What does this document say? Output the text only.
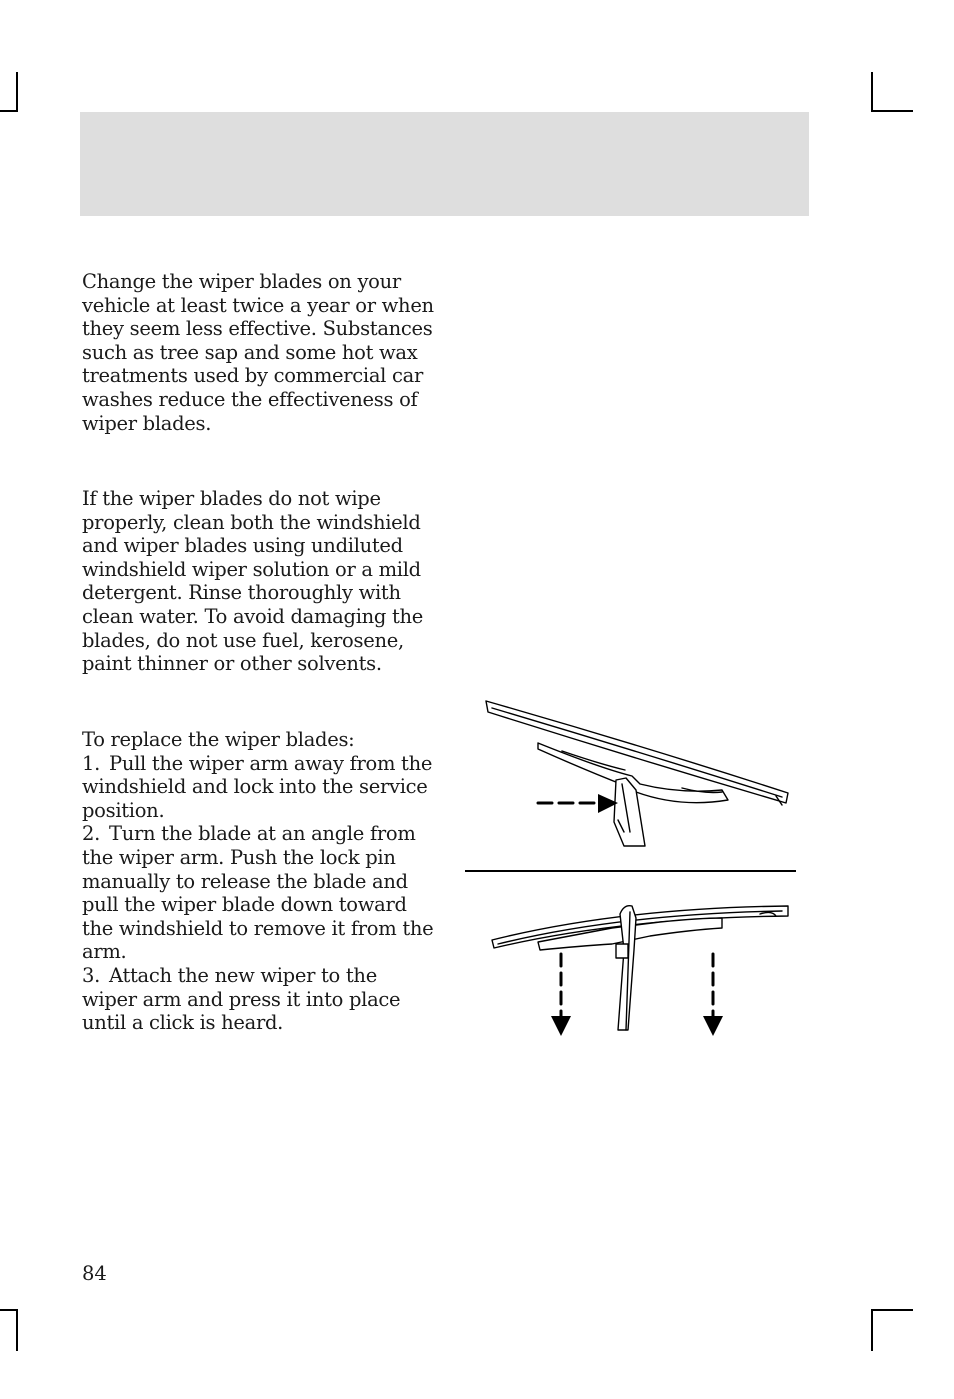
Change the wiper blades on your vehicle at least twice a year or when they seem less effective. Substances such as tree sap and some hot wax treatments used by commercial car washes reduce the effectiveness of wiper blades.

If the wiper blades do not wipe properly, clean both the windshield and wiper blades using undiluted windshield wiper solution or a mild detergent. Rinse thoroughly with clean water. To avoid damaging the blades, do not use fuel, kerosene, paint thinner or other solvents.

To replace the wiper blades:

1. Pull the wiper arm away from the windshield and lock into the service position.

2. Turn the blade at an angle from the wiper arm. Push the lock pin manually to release the blade and pull the wiper blade down toward the windshield to remove it from the arm.

3. Attach the new wiper to the wiper arm and press it into place until a click is heard.

84
